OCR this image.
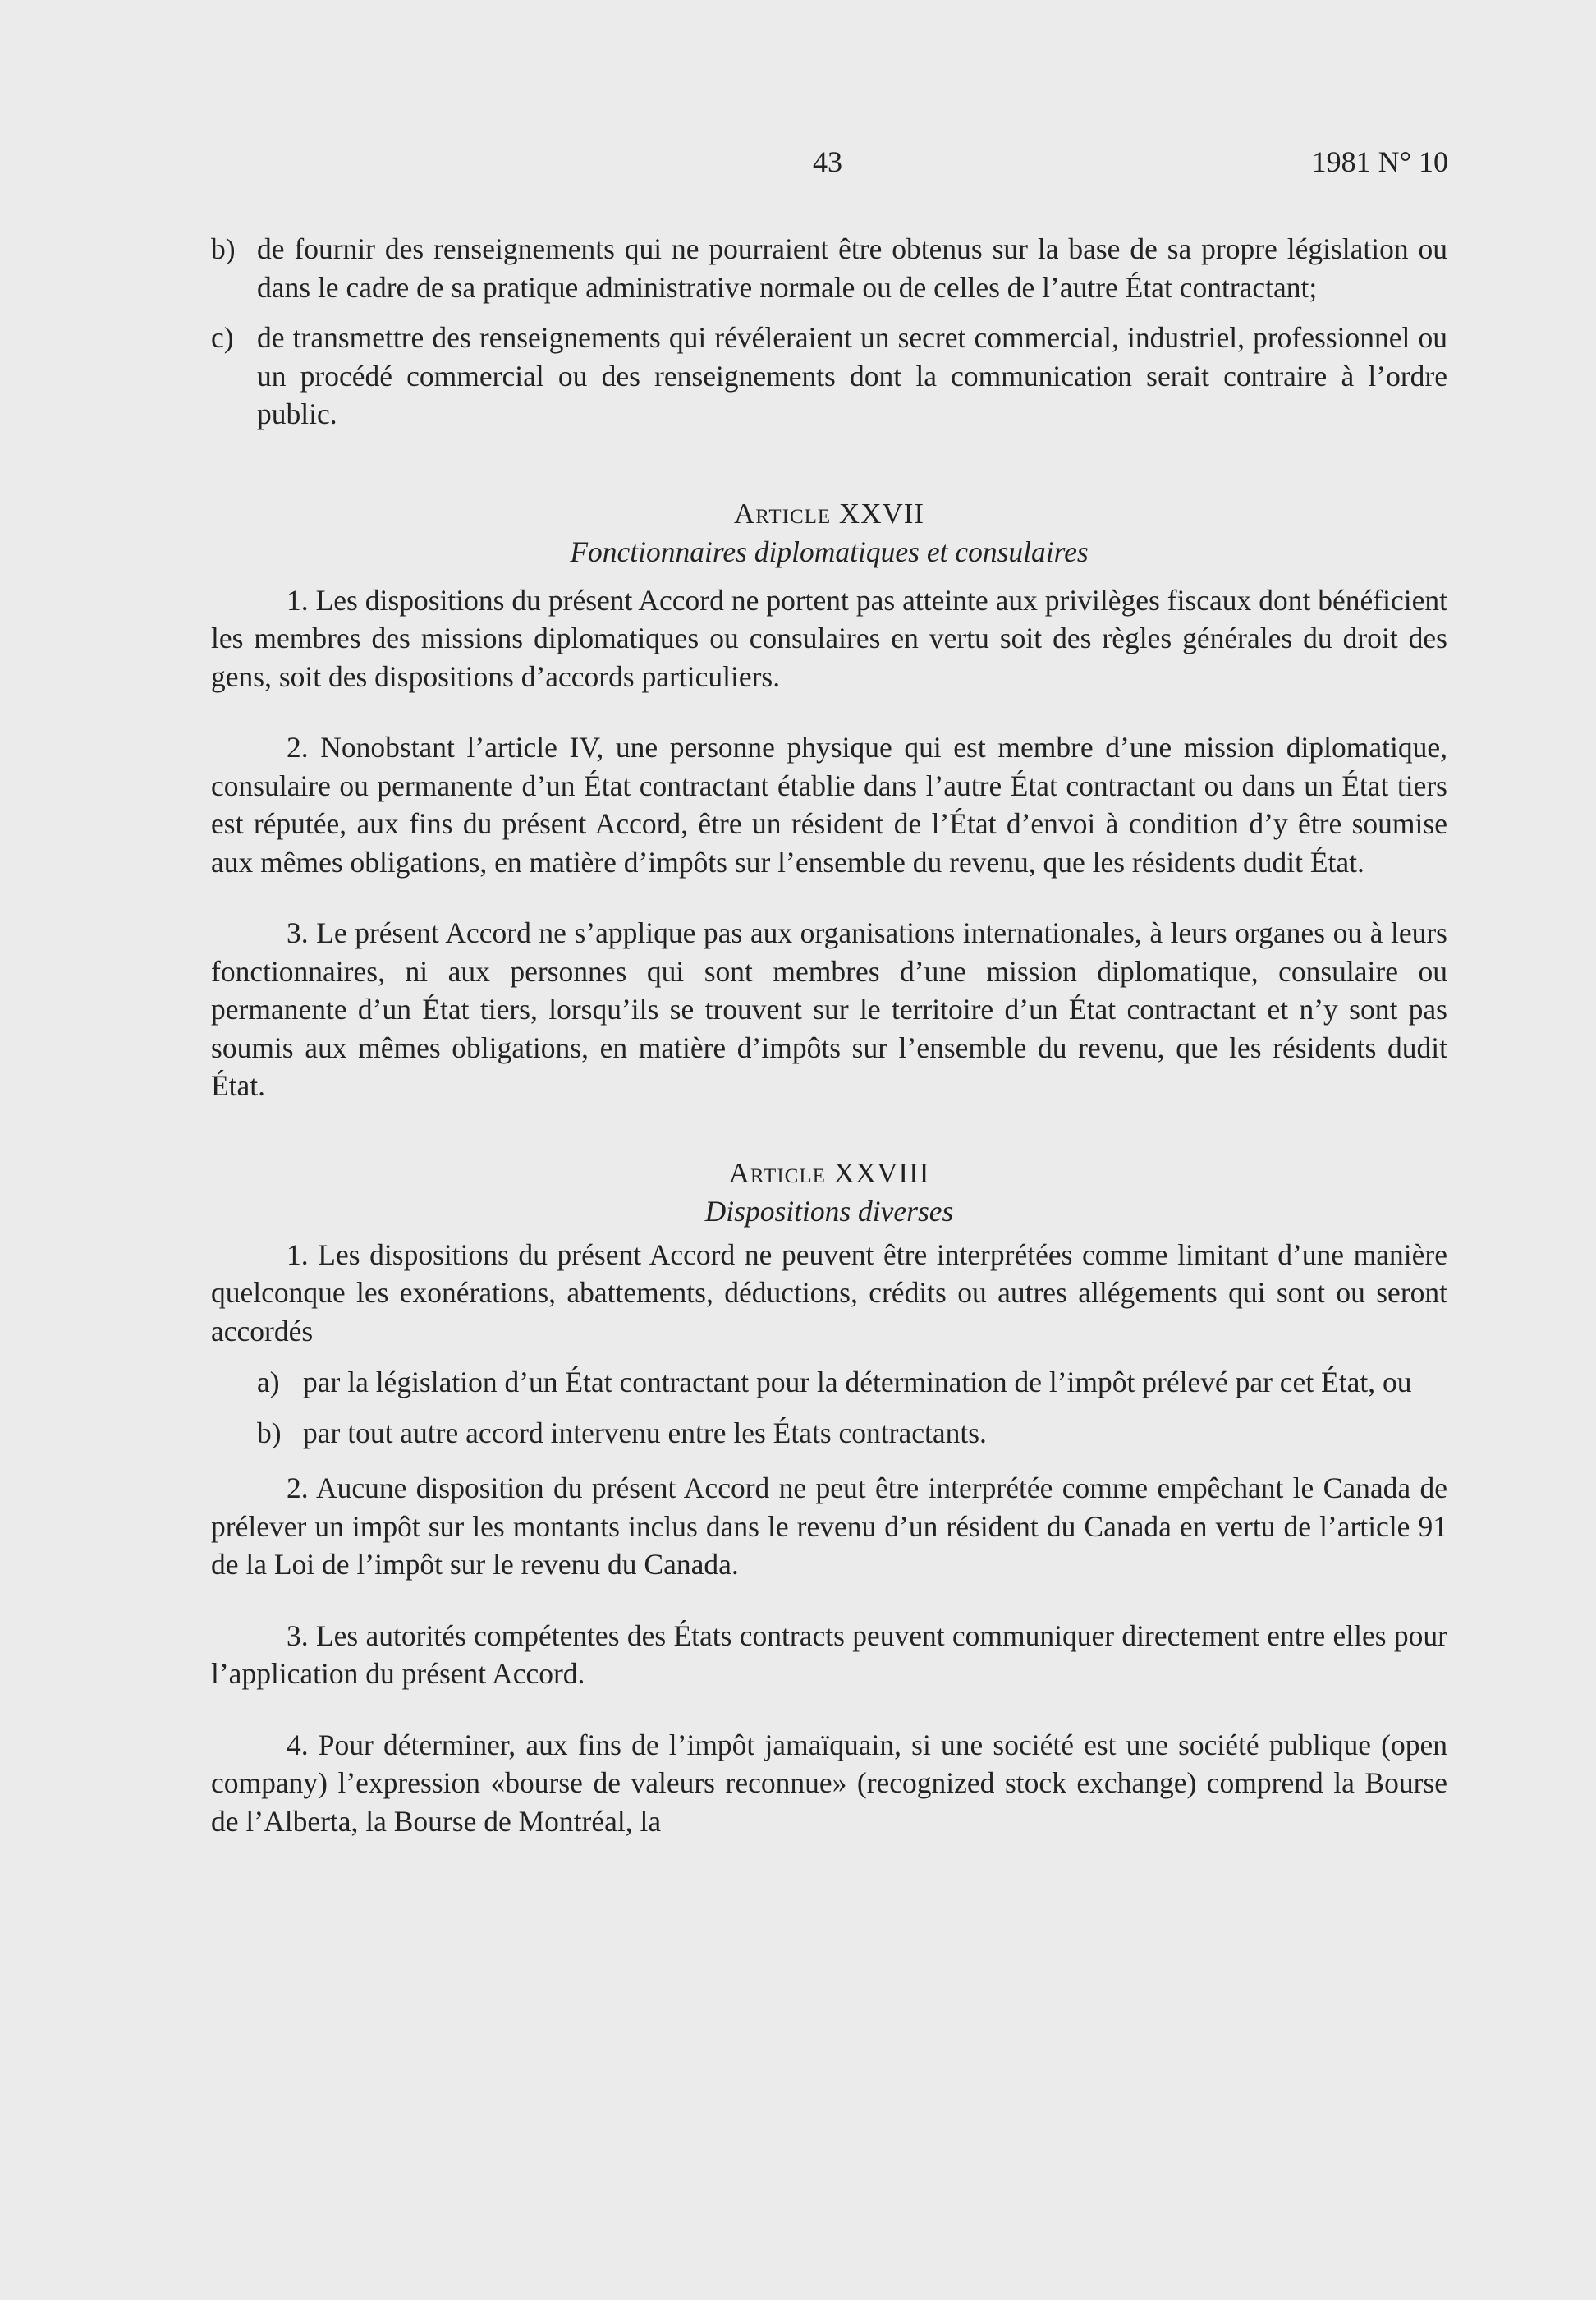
43	1981 N° 10
b) de fournir des renseignements qui ne pourraient être obtenus sur la base de sa propre législation ou dans le cadre de sa pratique administrative normale ou de celles de l’autre État contractant;
c) de transmettre des renseignements qui révéleraient un secret commercial, industriel, professionnel ou un procédé commercial ou des renseignements dont la communication serait contraire à l’ordre public.

Article XXVII

Fonctionnaires diplomatiques et consulaires

1. Les dispositions du présent Accord ne portent pas atteinte aux privilèges fiscaux dont bénéficient les membres des missions diplomatiques ou consulaires en vertu soit des règles générales du droit des gens, soit des dispositions d’accords particuliers.

2. Nonobstant l’article IV, une personne physique qui est membre d’une mission diplomatique, consulaire ou permanente d’un État contractant établie dans l’autre État contractant ou dans un État tiers est réputée, aux fins du présent Accord, être un résident de l’État d’envoi à condition d’y être soumise aux mêmes obligations, en matière d’impôts sur l’ensemble du revenu, que les résidents dudit État.

3. Le présent Accord ne s’applique pas aux organisations internationales, à leurs organes ou à leurs fonctionnaires, ni aux personnes qui sont membres d’une mission diplomatique, consulaire ou permanente d’un État tiers, lorsqu’ils se trouvent sur le territoire d’un État contractant et n’y sont pas soumis aux mêmes obligations, en matière d’impôts sur l’ensemble du revenu, que les résidents dudit État.

Article XXVIII

Dispositions diverses

1. Les dispositions du présent Accord ne peuvent être interprétées comme limitant d’une manière quelconque les exonérations, abattements, déductions, crédits ou autres allégements qui sont ou seront accordés

a) par la législation d’un État contractant pour la détermination de l’impôt prélevé par cet État, ou
b) par tout autre accord intervenu entre les États contractants.

2. Aucune disposition du présent Accord ne peut être interprétée comme empêchant le Canada de prélever un impôt sur les montants inclus dans le revenu d’un résident du Canada en vertu de l’article 91 de la Loi de l’impôt sur le revenu du Canada.

3. Les autorités compétentes des États contracts peuvent communiquer directement entre elles pour l’application du présent Accord.

4. Pour déterminer, aux fins de l’impôt jamaïquain, si une société est une société publique (open company) l’expression «bourse de valeurs reconnue» (recognized stock exchange) comprend la Bourse de l’Alberta, la Bourse de Montréal, la
